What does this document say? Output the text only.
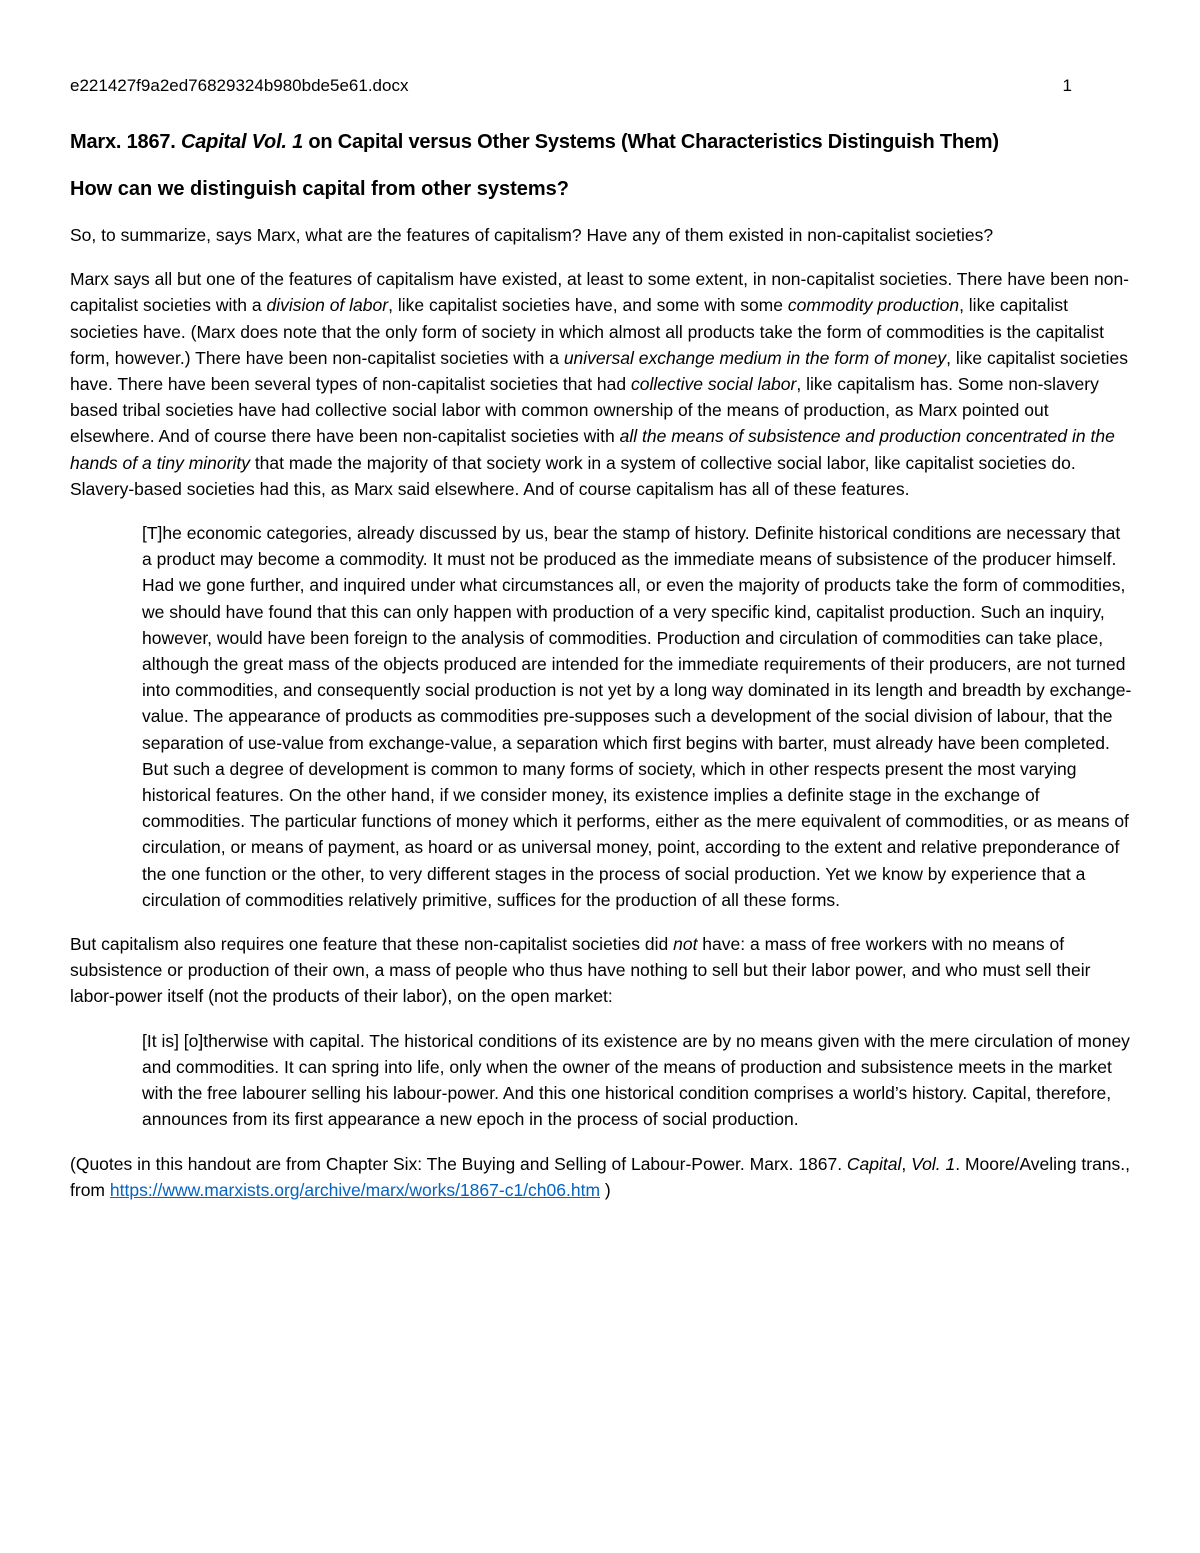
e221427f9a2ed76829324b980bde5e61.docx	1
Marx. 1867. Capital Vol. 1 on Capital versus Other Systems (What Characteristics Distinguish Them)
How can we distinguish capital from other systems?

So, to summarize, says Marx, what are the features of capitalism? Have any of them existed in non-capitalist societies?

Marx says all but one of the features of capitalism have existed, at least to some extent, in non-capitalist societies. There have been non-capitalist societies with a division of labor, like capitalist societies have, and some with some commodity production, like capitalist societies have. (Marx does note that the only form of society in which almost all products take the form of commodities is the capitalist form, however.) There have been non-capitalist societies with a universal exchange medium in the form of money, like capitalist societies have. There have been several types of non-capitalist societies that had collective social labor, like capitalism has. Some non-slavery based tribal societies have had collective social labor with common ownership of the means of production, as Marx pointed out elsewhere. And of course there have been non-capitalist societies with all the means of subsistence and production concentrated in the hands of a tiny minority that made the majority of that society work in a system of collective social labor, like capitalist societies do. Slavery-based societies had this, as Marx said elsewhere. And of course capitalism has all of these features.

[T]he economic categories, already discussed by us, bear the stamp of history. Definite historical conditions are necessary that a product may become a commodity. It must not be produced as the immediate means of subsistence of the producer himself. Had we gone further, and inquired under what circumstances all, or even the majority of products take the form of commodities, we should have found that this can only happen with production of a very specific kind, capitalist production. Such an inquiry, however, would have been foreign to the analysis of commodities. Production and circulation of commodities can take place, although the great mass of the objects produced are intended for the immediate requirements of their producers, are not turned into commodities, and consequently social production is not yet by a long way dominated in its length and breadth by exchange-value. The appearance of products as commodities pre-supposes such a development of the social division of labour, that the separation of use-value from exchange-value, a separation which first begins with barter, must already have been completed. But such a degree of development is common to many forms of society, which in other respects present the most varying historical features. On the other hand, if we consider money, its existence implies a definite stage in the exchange of commodities. The particular functions of money which it performs, either as the mere equivalent of commodities, or as means of circulation, or means of payment, as hoard or as universal money, point, according to the extent and relative preponderance of the one function or the other, to very different stages in the process of social production. Yet we know by experience that a circulation of commodities relatively primitive, suffices for the production of all these forms.

But capitalism also requires one feature that these non-capitalist societies did not have: a mass of free workers with no means of subsistence or production of their own, a mass of people who thus have nothing to sell but their labor power, and who must sell their labor-power itself (not the products of their labor), on the open market:

[It is] [o]therwise with capital. The historical conditions of its existence are by no means given with the mere circulation of money and commodities. It can spring into life, only when the owner of the means of production and subsistence meets in the market with the free labourer selling his labour-power. And this one historical condition comprises a world’s history. Capital, therefore, announces from its first appearance a new epoch in the process of social production.

(Quotes in this handout are from Chapter Six: The Buying and Selling of Labour-Power. Marx. 1867. Capital, Vol. 1. Moore/Aveling trans., from https://www.marxists.org/archive/marx/works/1867-c1/ch06.htm )
